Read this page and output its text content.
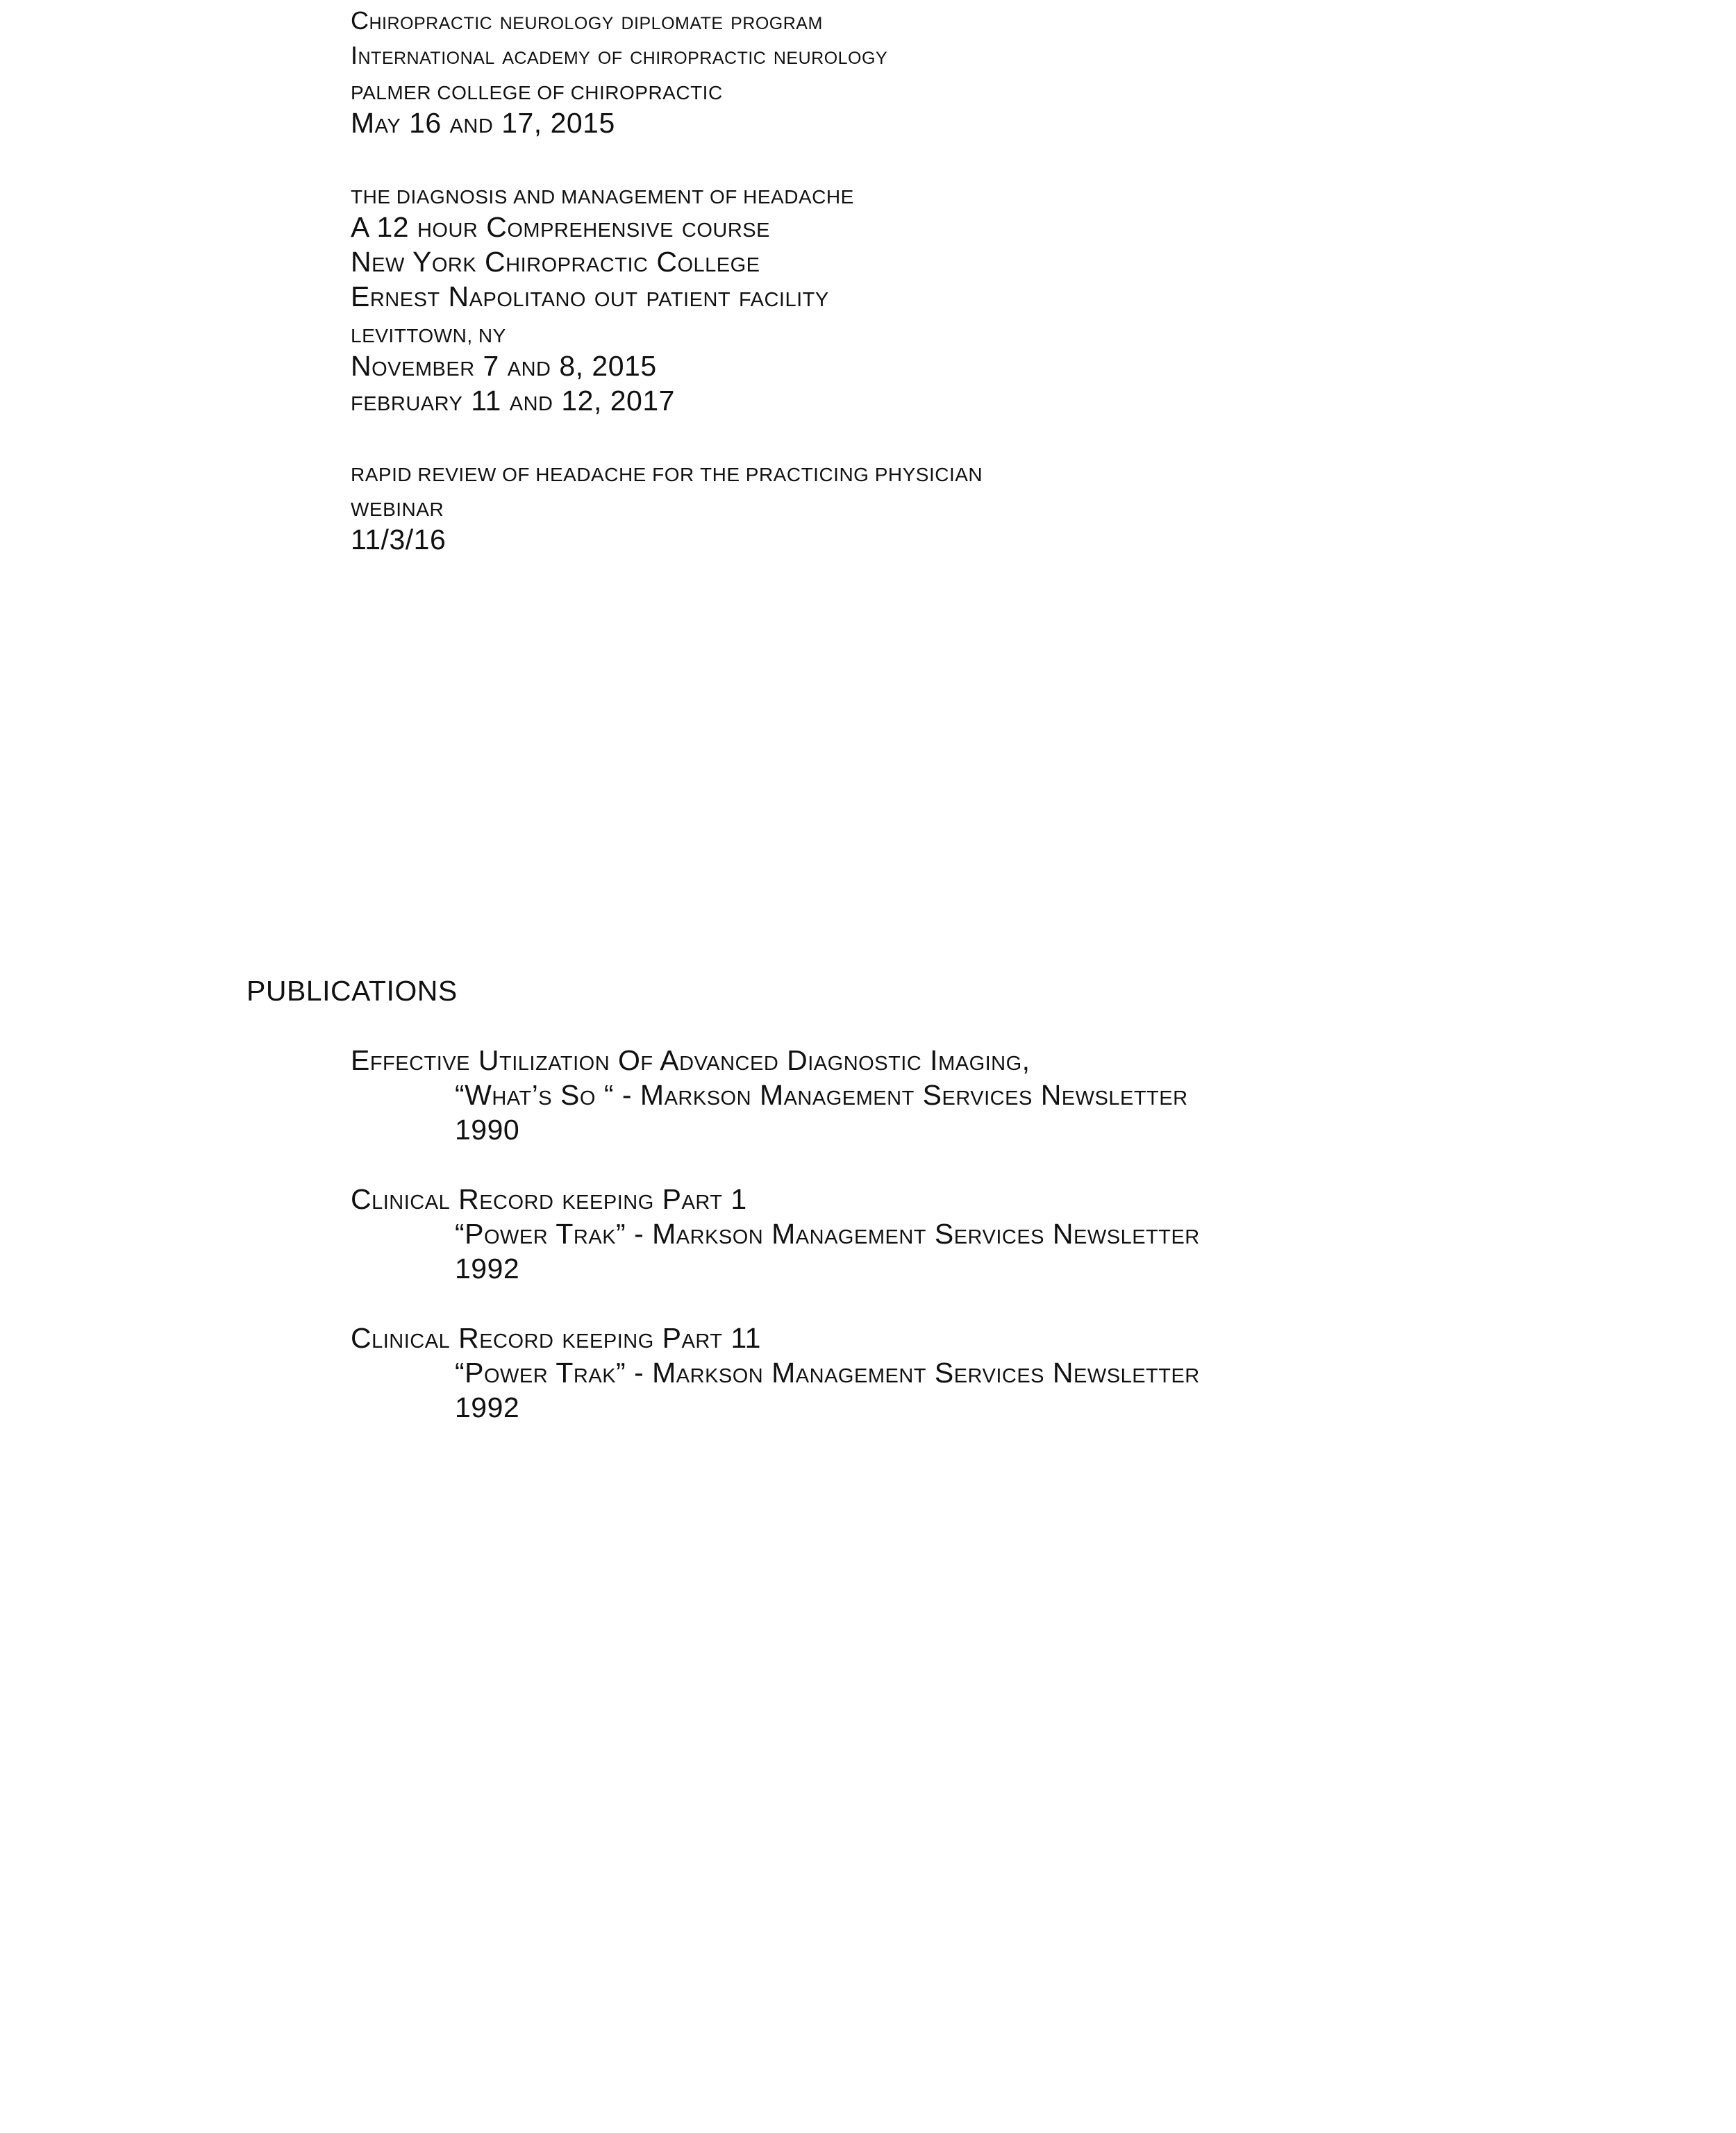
Chiropractic neurology diplomate program
International academy of chiropractic neurology
palmer college of chiropractic
May 16 and 17, 2015
the diagnosis and management of headache
A 12 hour Comprehensive course
New York Chiropractic College
Ernest Napolitano out patient facility
levittown, ny
November 7 and 8, 2015
february 11 and 12, 2017
rapid review of headache for the practicing physician
webinar
11/3/16
PUBLICATIONS
Effective Utilization Of Advanced Diagnostic Imaging,
“What’s So “ - Markson Management Services Newsletter
1990
Clinical Record keeping Part 1
“Power Trak” - Markson Management Services Newsletter
1992
Clinical Record keeping Part 11
“Power Trak” - Markson Management Services Newsletter
1992
